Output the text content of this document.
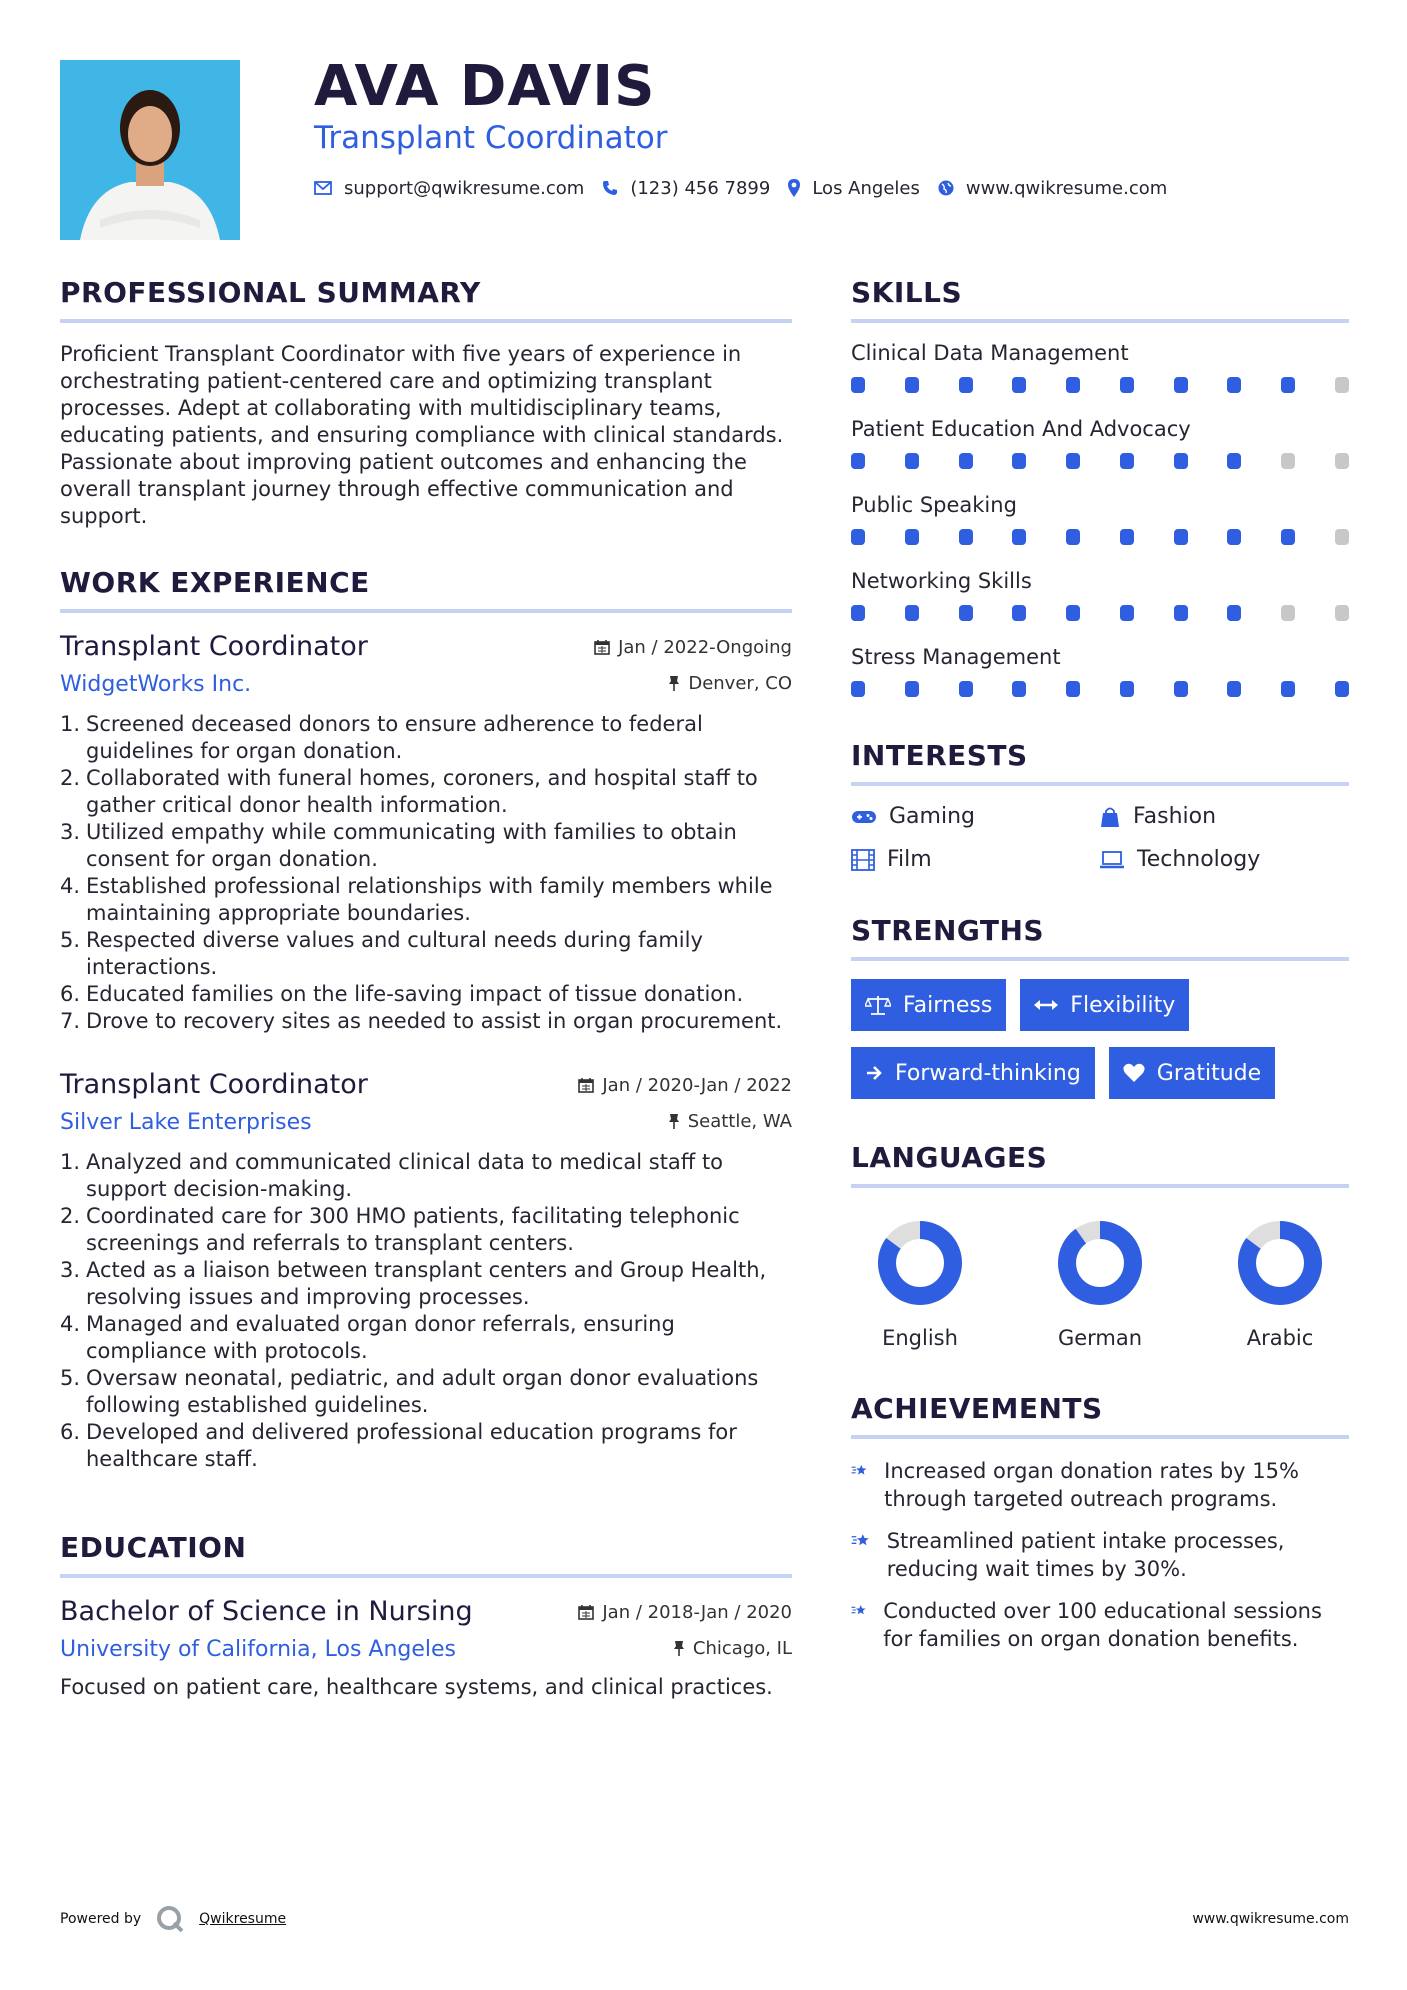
AVA DAVIS
Transplant Coordinator
support@qwikresume.com	(123) 456 7899 Los Angeles	www.qwikresume.com
PROFESSIONAL SUMMARY

Proficient Transplant Coordinator with five years of experience in orchestrating patient-centered care and optimizing transplant processes. Adept at collaborating with multidisciplinary teams, educating patients, and ensuring compliance with clinical standards. Passionate about improving patient outcomes and enhancing the overall transplant journey through effective communication and support.

WORK EXPERIENCE
Transplant Coordinator	Jan / 2022-Ongoing
WidgetWorks Inc.	Denver, CO
1. Screened deceased donors to ensure adherence to federal guidelines for organ donation.
2. Collaborated with funeral homes, coroners, and hospital staff to gather critical donor health information.
3. Utilized empathy while communicating with families to obtain consent for organ donation.
4. Established professional relationships with family members while maintaining appropriate boundaries.
5. Respected diverse values and cultural needs during family interactions.
6. Educated families on the life-saving impact of tissue donation.
7. Drove to recovery sites as needed to assist in organ procurement.
Transplant Coordinator	Jan / 2020-Jan / 2022
Silver Lake Enterprises	Seattle, WA
1. Analyzed and communicated clinical data to medical staff to support decision-making.
2. Coordinated care for 300 HMO patients, facilitating telephonic screenings and referrals to transplant centers.
3. Acted as a liaison between transplant centers and Group Health, resolving issues and improving processes.
4. Managed and evaluated organ donor referrals, ensuring compliance with protocols.
5. Oversaw neonatal, pediatric, and adult organ donor evaluations following established guidelines.
6. Developed and delivered professional education programs for healthcare staff.
EDUCATION
Bachelor of Science in Nursing	Jan / 2018-Jan / 2020
University of California, Los Angeles	Chicago, IL

Focused on patient care, healthcare systems, and clinical practices.

SKILLS
Clinical Data Management
Patient Education And Advocacy
Public Speaking
Networking Skills
Stress Management
INTERESTS
Gaming	Fashion
Film	Technology
STRENGTHS
Fairness	Flexibility
Forward-thinking	Gratitude
LANGUAGES
English	German	Arabic
ACHIEVEMENTS
Increased organ donation rates by 15% through targeted outreach programs.
Streamlined patient intake processes, reducing wait times by 30%.
Conducted over 100 educational sessions for families on organ donation benefits.
Powered by	Qwikresume	www.qwikresume.com
